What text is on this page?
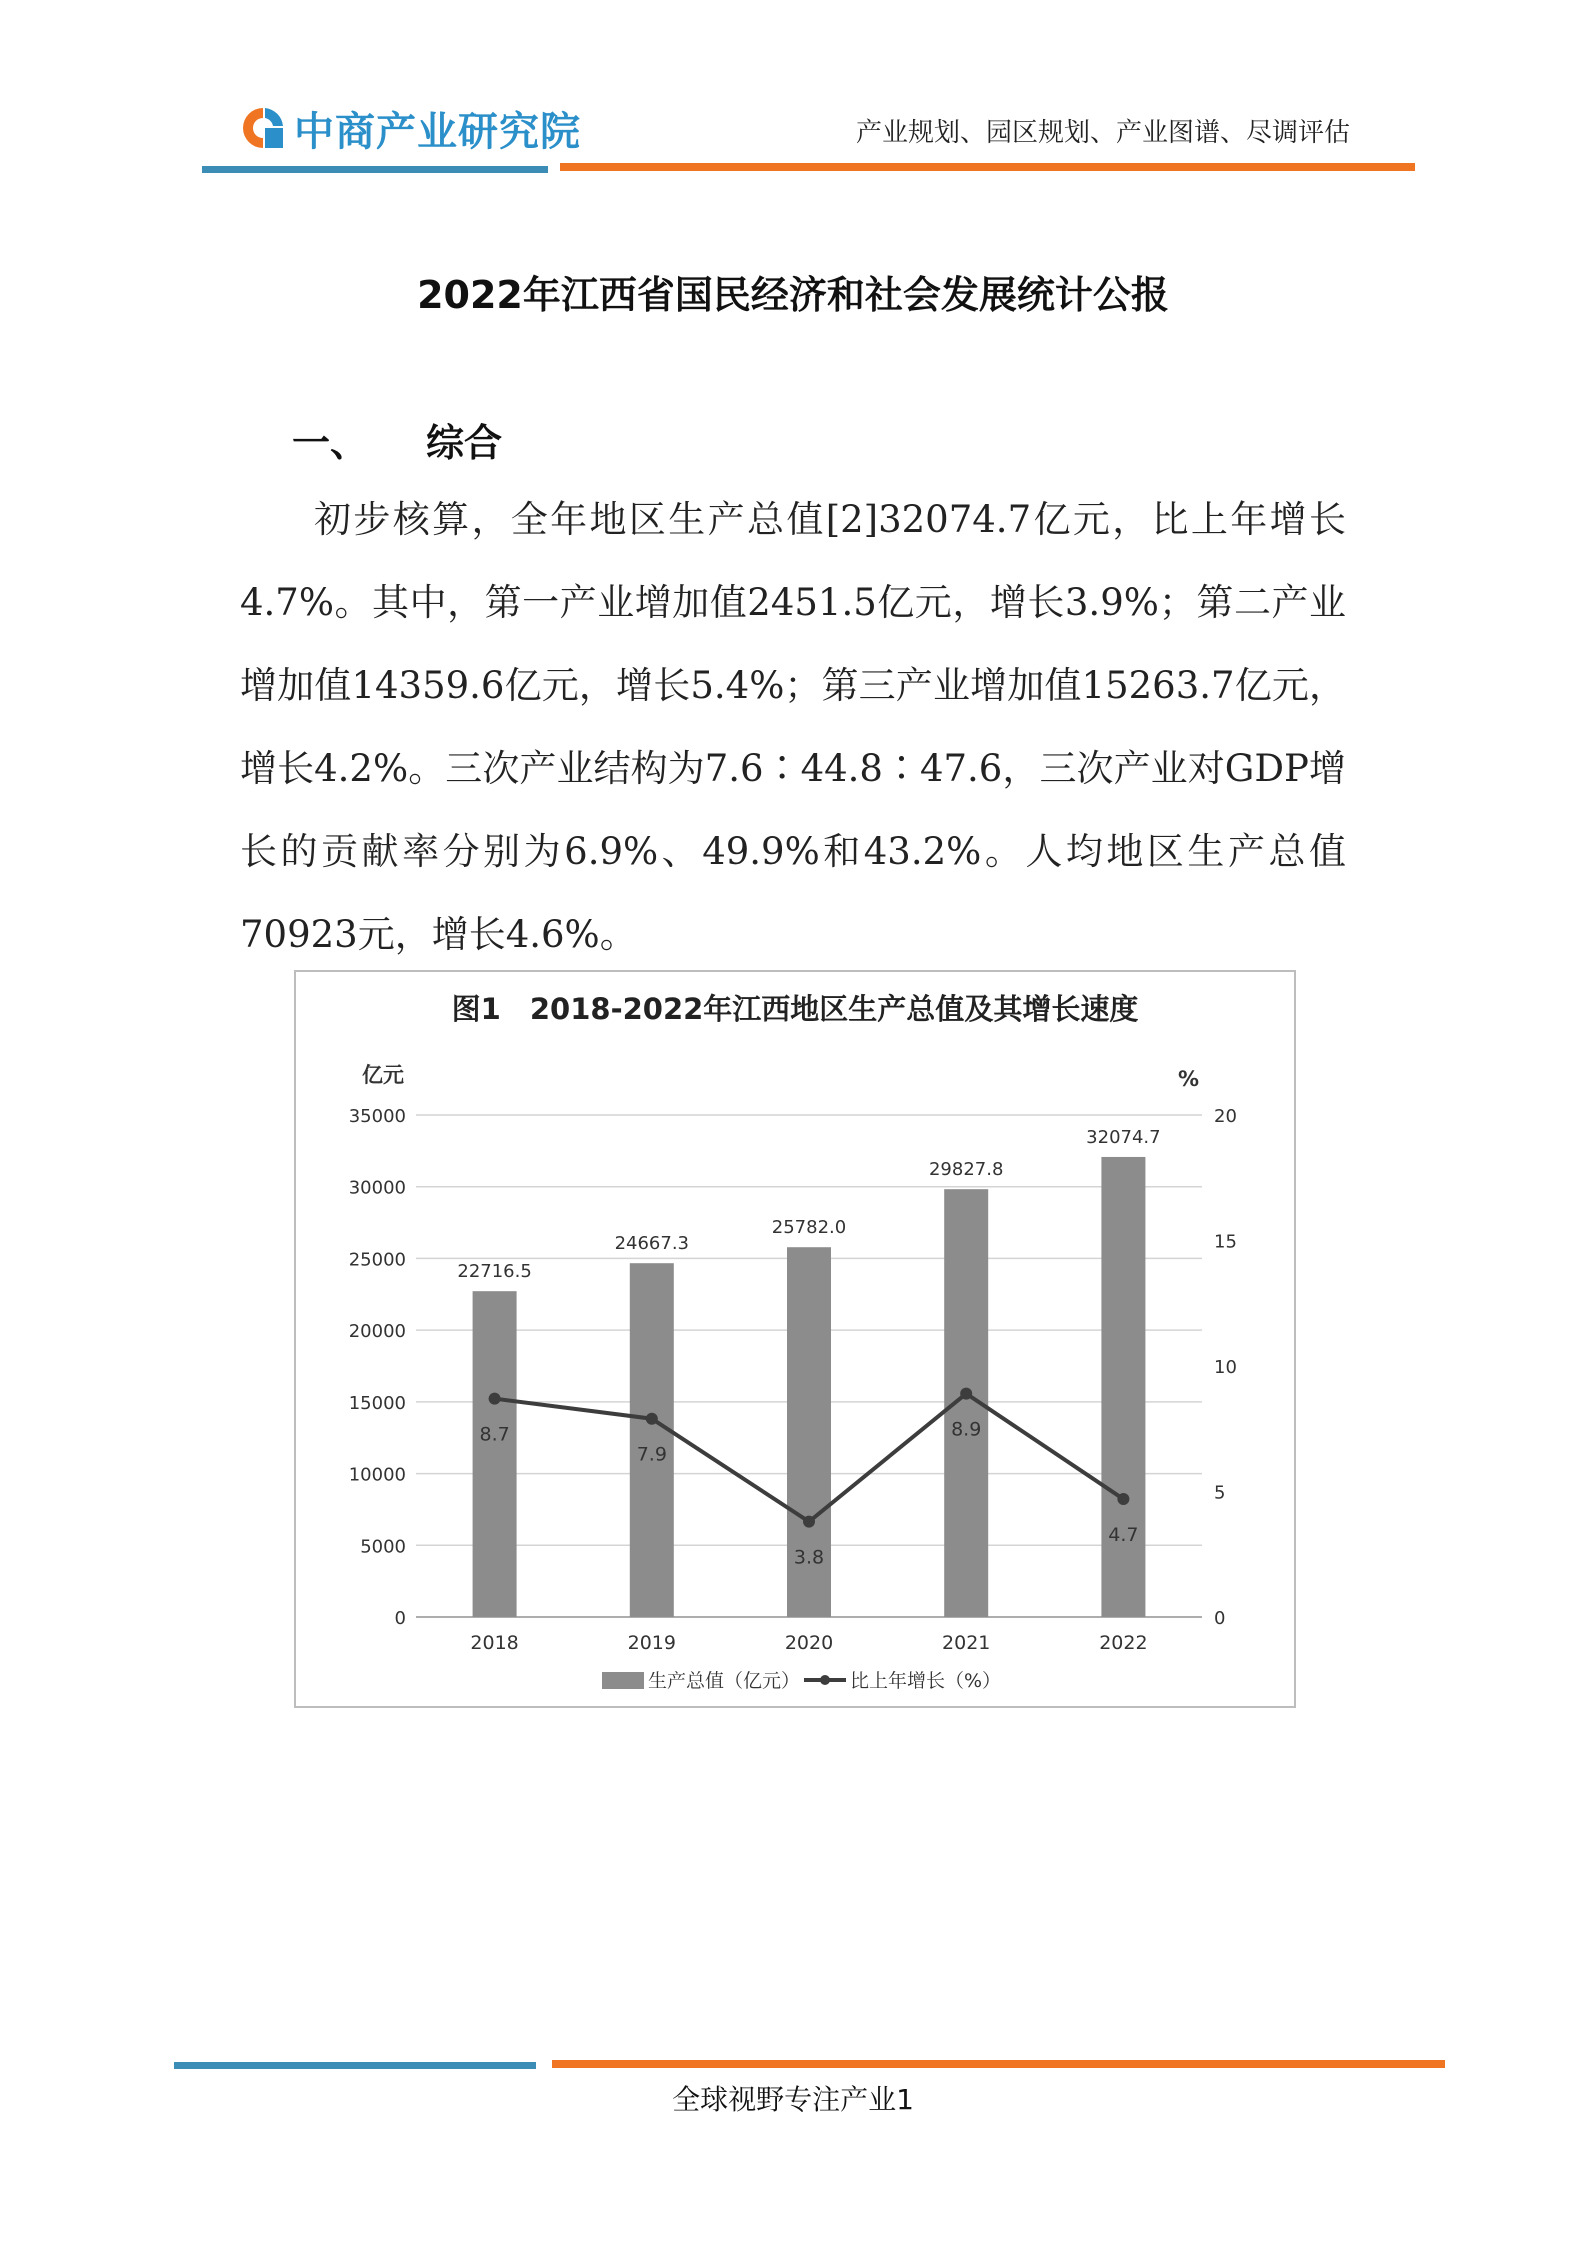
中商产业研究院	产业规划、园区规划、产业图谱、尽调评估
2022年江西省国民经济和社会发展统计公报
一、 综合
初步核算，全年地区生产总值[2]32074.7亿元，比上年增长4.7%。其中，第一产业增加值2451.5亿元，增长3.9%；第二产业增加值14359.6亿元，增长5.4%；第三产业增加值15263.7亿元，增长4.2%。三次产业结构为7.6∶44.8∶47.6，三次产业对GDP增长的贡献率分别为6.9%、49.9%和43.2%。人均地区生产总值70923元，增长4.6%。
图1　2018-2022年江西地区生产总值及其增长速度
亿元	%
0
5000
10000
15000
20000
25000
30000
35000
0
5
10
15
20
22716.5
24667.3
25782.0
29827.8
32074.7
2018	2019	2020	2021	2022
8.7
7.9
3.8
8.9
4.7
生产总值（亿元）	比上年增长（%）
全球视野专注产业1
